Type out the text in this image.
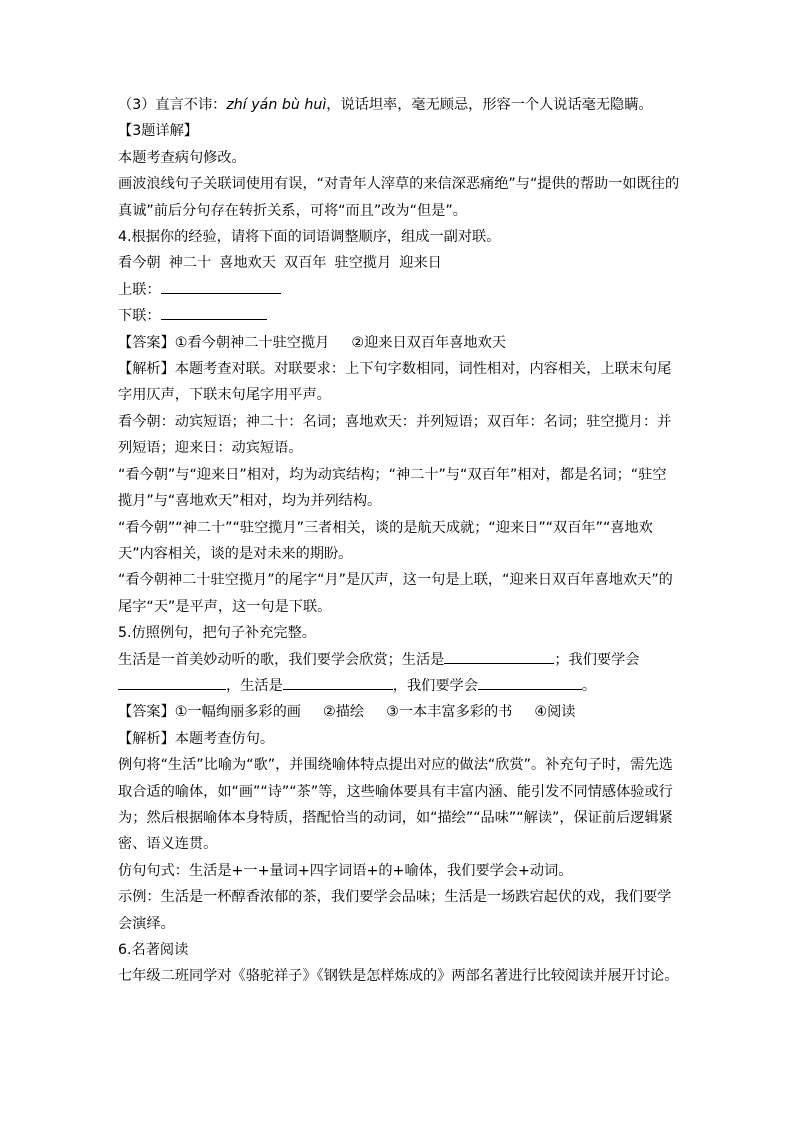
（3）直言不讳：zhí yán bù huì，说话坦率，毫无顾忌，形容一个人说话毫无隐瞒。

【3题详解】

本题考查病句修改。

画波浪线句子关联词使用有误，“对青年人滓草的来信深恶痛绝”与“提供的帮助一如既往的真诚”前后分句存在转折关系，可将“而且”改为“但是”。

4.根据你的经验，请将下面的词语调整顺序，组成一副对联。

看今朝 神二十 喜地欢天 双百年 驻空揽月 迎来日

上联：

下联：

【答案】①看今朝神二十驻空揽月 ②迎来日双百年喜地欢天

【解析】本题考查对联。对联要求：上下句字数相同，词性相对，内容相关，上联末句尾字用仄声，下联末句尾字用平声。

看今朝：动宾短语；神二十：名词；喜地欢天：并列短语；双百年：名词；驻空揽月：并列短语；迎来日：动宾短语。

“看今朝”与“迎来日”相对，均为动宾结构；“神二十”与“双百年”相对，都是名词；“驻空揽月”与“喜地欢天”相对，均为并列结构。

“看今朝”“神二十”“驻空揽月”三者相关，谈的是航天成就；“迎来日”“双百年”“喜地欢天”内容相关，谈的是对未来的期盼。

“看今朝神二十驻空揽月”的尾字“月”是仄声，这一句是上联，“迎来日双百年喜地欢天”的尾字“天”是平声，这一句是下联。

5.仿照例句，把句子补充完整。

生活是一首美妙动听的歌，我们要学会欣赏；生活是	；我们要学会，生活是	，我们要学会	。

【答案】①一幅绚丽多彩的画 ②描绘 ③一本丰富多彩的书 ④阅读

【解析】本题考查仿句。

例句将“生活”比喻为“歌”，并围绕喻体特点提出对应的做法“欣赏”。补充句子时，需先选取合适的喻体，如“画”“诗”“茶”等，这些喻体要具有丰富内涵、能引发不同情感体验或行为；然后根据喻体本身特质，搭配恰当的动词，如“描绘”“品味”“解读”，保证前后逻辑紧密、语义连贯。

仿句句式：生活是+一+量词+四字词语+的+喻体，我们要学会+动词。

示例：生活是一杯醇香浓郁的茶，我们要学会品味；生活是一场跌宕起伏的戏，我们要学会演绎。

6.名著阅读

七年级二班同学对《骆驼祥子》《钢铁是怎样炼成的》两部名著进行比较阅读并展开讨论。
